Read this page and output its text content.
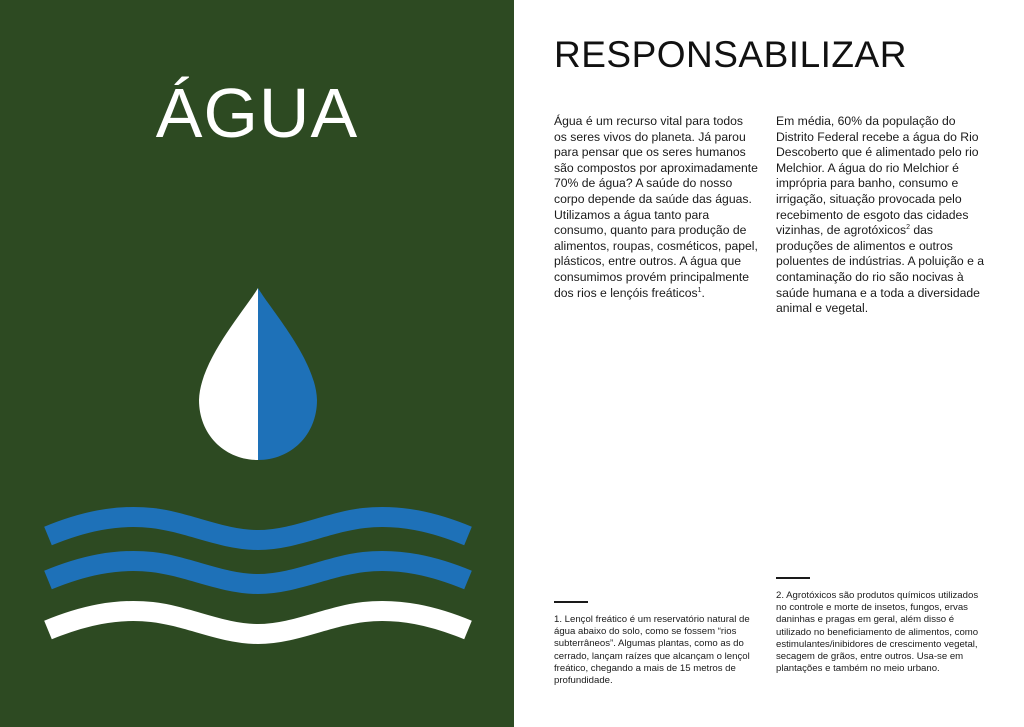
ÁGUA
RESPONSABILIZAR

Água é um recurso vital para todos os seres vivos do planeta. Já parou para pensar que os seres humanos são compostos por aproximadamente 70% de água? A saúde do nosso corpo depende da saúde das águas. Utilizamos a água tanto para consumo, quanto para produção de alimentos, roupas, cosméticos, papel, plásticos, entre outros. A água que consumimos provém principalmente dos rios e lençóis freáticos$^1$.

Em média, 60% da população do Distrito Federal recebe a água do Rio Descoberto que é alimentado pelo rio Melchior. A água do rio Melchior é imprópria para banho, consumo e irrigação, situação provocada pelo recebimento de esgoto das cidades vizinhas, de agrotóxicos$^2$ das produções de alimentos e outros poluentes de indústrias. A poluição e a contaminação do rio são nocivas à saúde humana e a toda a diversidade animal e vegetal.

1. Lençol freático é um reservatório natural de água abaixo do solo, como se fossem “rios subterrâneos”. Algumas plantas, como as do cerrado, lançam raízes que alcançam o lençol freático, chegando a mais de 15 metros de profundidade.

2. Agrotóxicos são produtos químicos utilizados no controle e morte de insetos, fungos, ervas daninhas e pragas em geral, além disso é utilizado no beneficiamento de alimentos, como estimulantes/inibidores de crescimento vegetal, secagem de grãos, entre outros. Usa-se em plantações e também no meio urbano.
